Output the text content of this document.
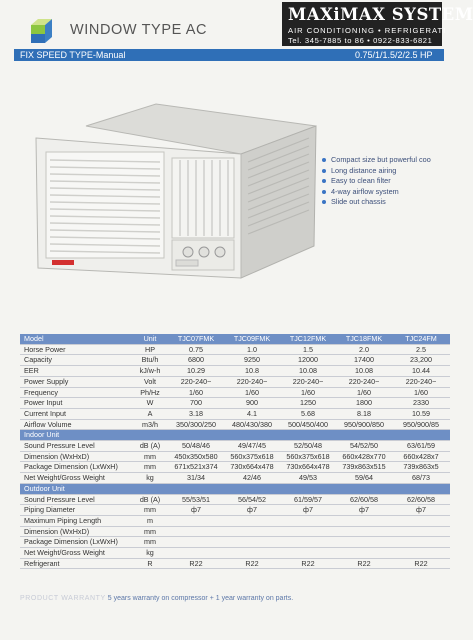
WINDOW TYPE AC
MAXiMAX SYSTEM
AIR CONDITIONING • REFRIGERATI
Tel. 345-7885 to 86 • 0922-833-6821
FIX SPEED TYPE-Manual	0.75/1/1.5/2/2.5 HP
Compact size but powerful coo
Long distance airing
Easy to clean filter
4-way airflow system
Slide out chassis
Model	Unit	TJC07FMK	TJC09FMK	TJC12FMK	TJC18FMK	TJC24FM
Horse Power	HP	0.75	1.0	1.5	2.0	2.5
Capacity	Btu/h	6800	9250	12000	17400	23,200
EER	kJ/w-h	10.29	10.8	10.08	10.08	10.44
Power Supply	Volt	220-240~	220-240~	220-240~	220-240~	220-240~
Frequency	Ph/Hz	1/60	1/60	1/60	1/60	1/60
Power Input	W	700	900	1250	1800	2330
Current Input	A	3.18	4.1	5.68	8.18	10.59
Airflow Volume	m3/h	350/300/250	480/430/380	500/450/400	950/900/850	950/900/85
Indoor Unit						
Sound Pressure Level	dB (A)	50/48/46	49/47/45	52/50/48	54/52/50	63/61/59
Dimension (WxHxD)	mm	450x350x580	560x375x618	560x375x618	660x428x770	660x428x7
Package Dimension (LxWxH)	mm	671x521x374	730x664x478	730x664x478	739x863x515	739x863x5
Net Weight/Gross Weight	kg	31/34	42/46	49/53	59/64	68/73
Outdoor Unit						
Sound Pressure Level	dB (A)	55/53/51	56/54/52	61/59/57	62/60/58	62/60/58
Piping Diameter	mm	ф7	ф7	ф7	ф7	ф7
Maximum Piping Length	m					
Dimension (WxHxD)	mm					
Package Dimension (LxWxH)	mm					
Net Weight/Gross Weight	kg					
Refrigerant	R	R22	R22	R22	R22	R22
PRODUCT WARRANTY 5 years warranty on compressor + 1 year warranty on parts.
